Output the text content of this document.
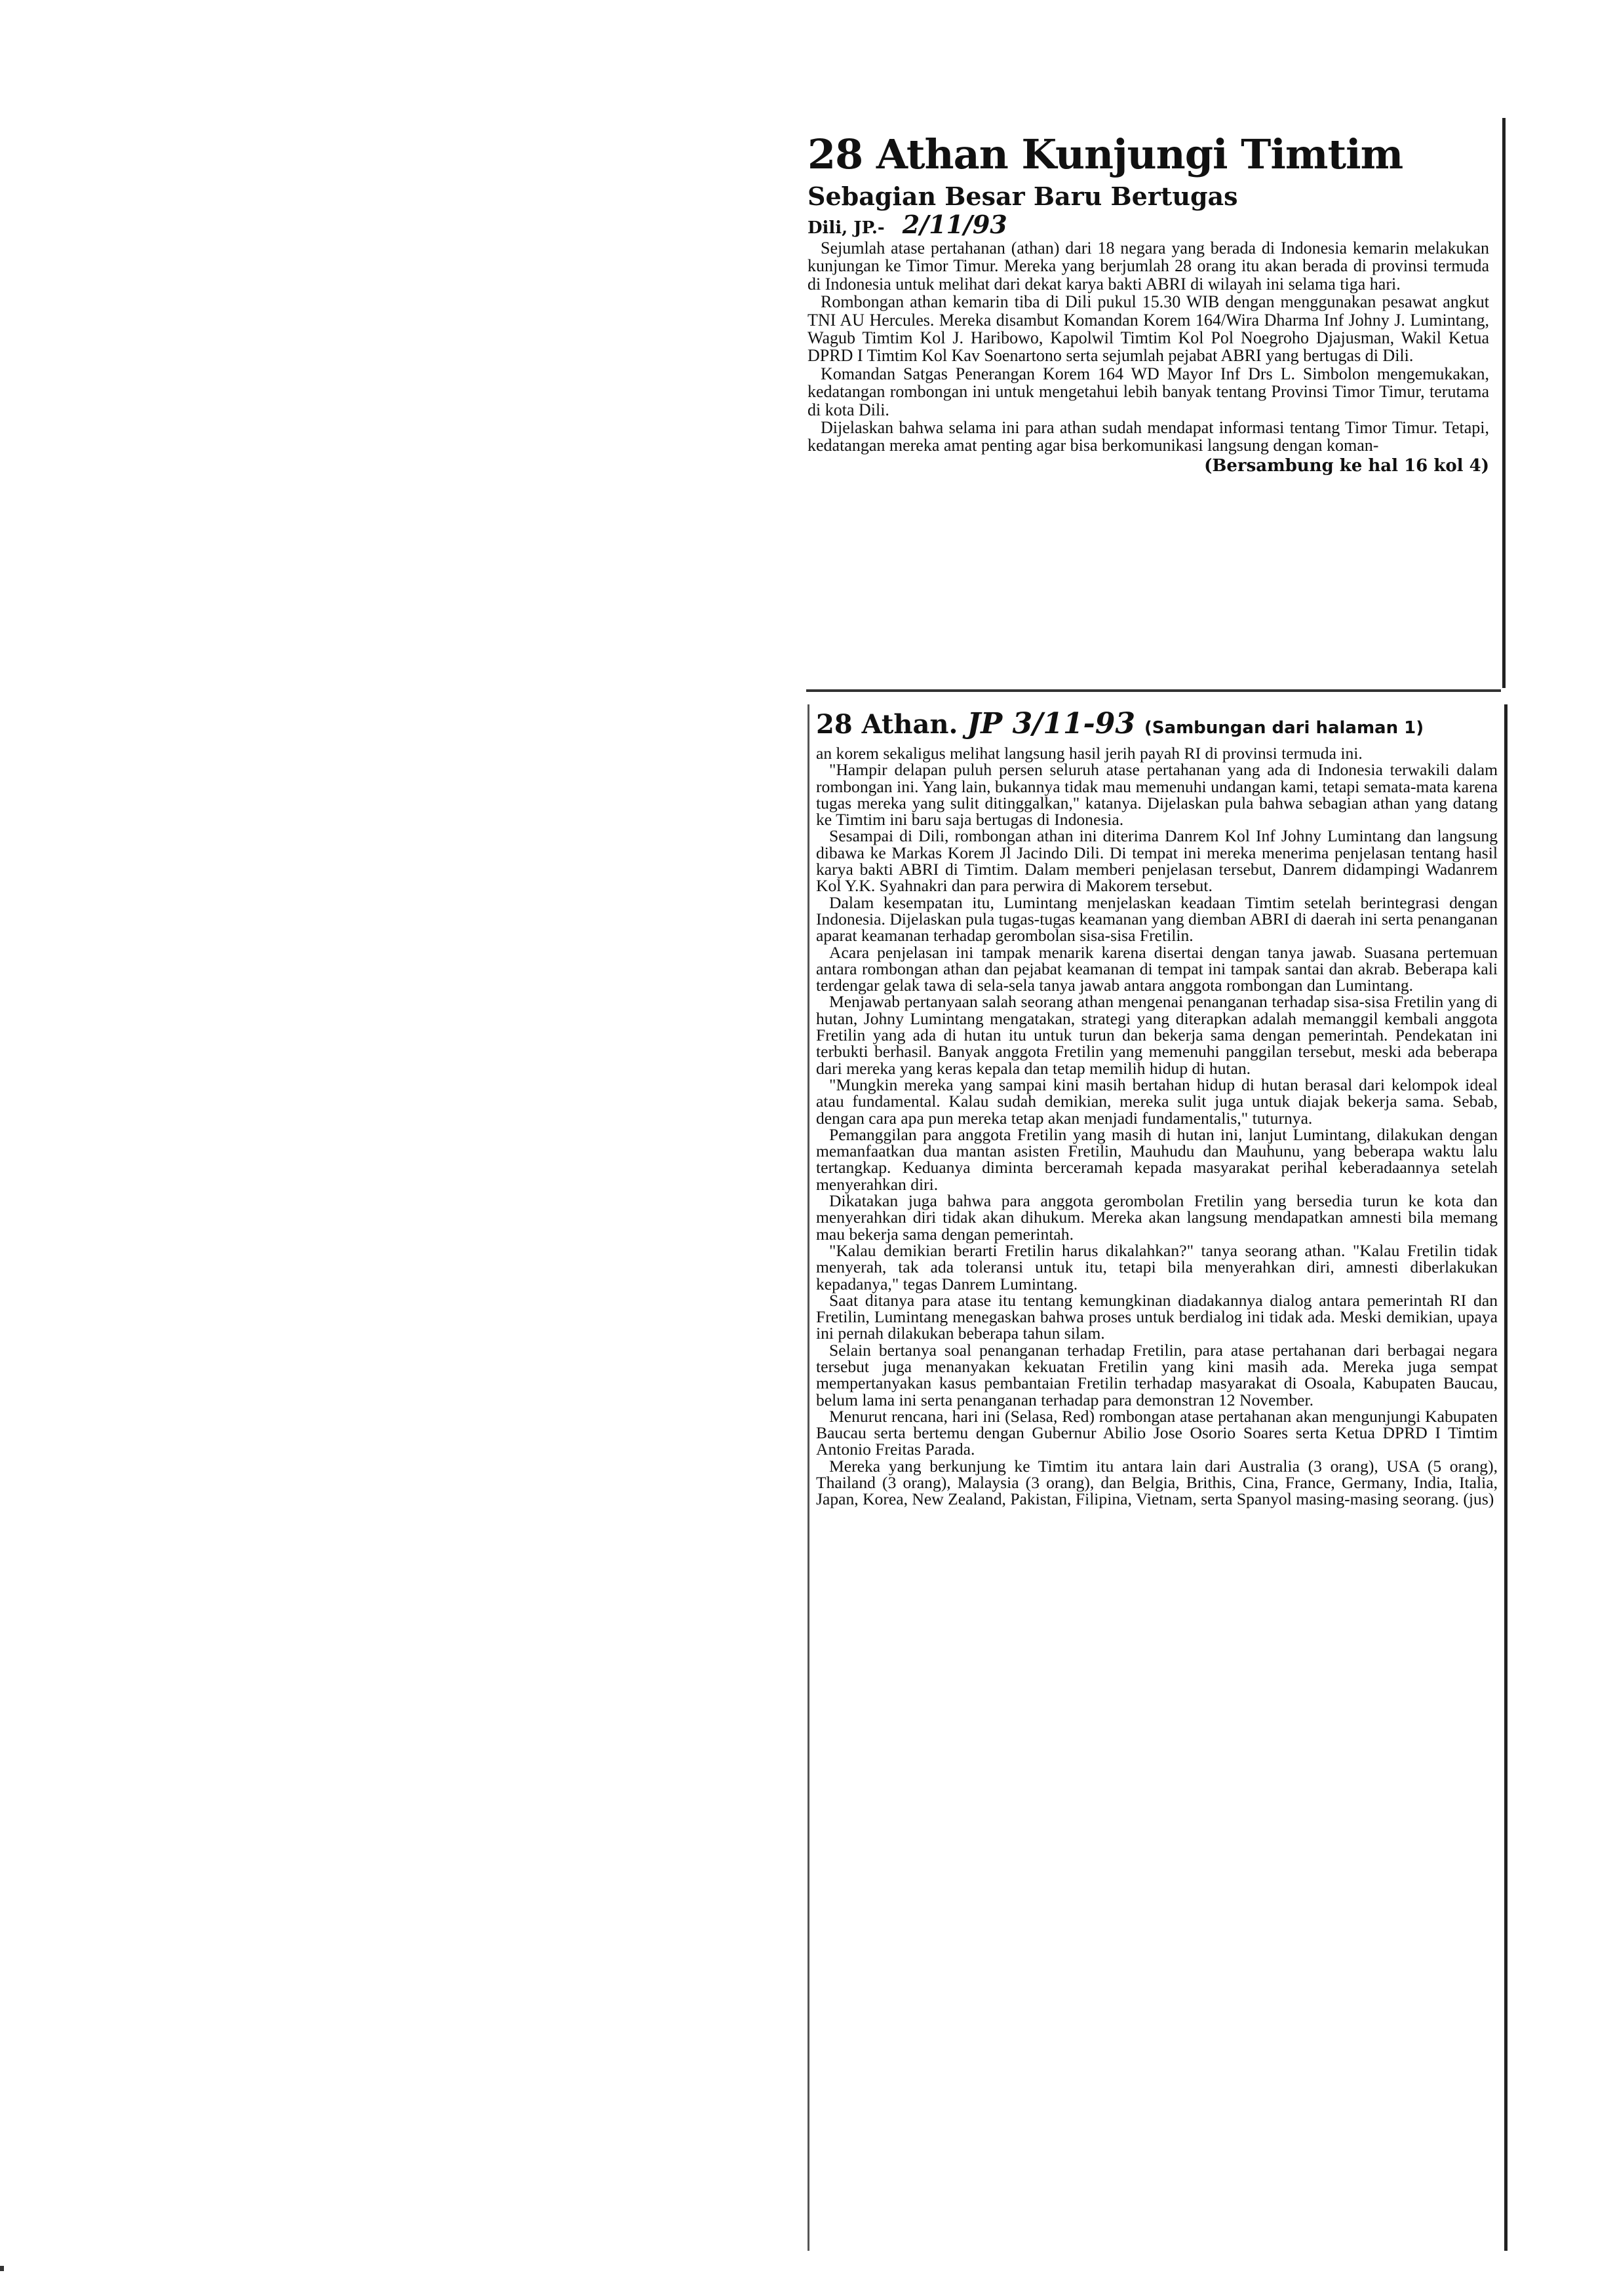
28 Athan Kunjungi Timtim
Sebagian Besar Baru Bertugas
Dili, JP.- 2/11/93

Sejumlah atase pertahanan (athan) dari 18 negara yang berada di Indonesia kemarin melakukan kunjungan ke Timor Timur. Mereka yang berjumlah 28 orang itu akan berada di provinsi termuda di Indonesia untuk melihat dari dekat karya bakti ABRI di wilayah ini selama tiga hari.

Rombongan athan kemarin tiba di Dili pukul 15.30 WIB dengan menggunakan pesawat angkut TNI AU Hercules. Mereka disambut Komandan Korem 164/Wira Dharma Inf Johny J. Lumintang, Wagub Timtim Kol J. Haribowo, Kapolwil Timtim Kol Pol Noegroho Djajusman, Wakil Ketua DPRD I Timtim Kol Kav Soenartono serta sejumlah pejabat ABRI yang bertugas di Dili.

Komandan Satgas Penerangan Korem 164 WD Mayor Inf Drs L. Simbolon mengemukakan, kedatangan rombongan ini untuk mengetahui lebih banyak tentang Provinsi Timor Timur, terutama di kota Dili.

Dijelaskan bahwa selama ini para athan sudah mendapat informasi tentang Timor Timur. Tetapi, kedatangan mereka amat penting agar bisa berkomunikasi langsung dengan koman-

(Bersambung ke hal 16 kol 4)
28 Athan. JP 3/11-93 (Sambungan dari halaman 1)

an korem sekaligus melihat langsung hasil jerih payah RI di provinsi termuda ini.

"Hampir delapan puluh persen seluruh atase pertahanan yang ada di Indonesia terwakili dalam rombongan ini. Yang lain, bukannya tidak mau memenuhi undangan kami, tetapi semata-mata karena tugas mereka yang sulit ditinggalkan," katanya. Dijelaskan pula bahwa sebagian athan yang datang ke Timtim ini baru saja bertugas di Indonesia.

Sesampai di Dili, rombongan athan ini diterima Danrem Kol Inf Johny Lumintang dan langsung dibawa ke Markas Korem Jl Jacindo Dili. Di tempat ini mereka menerima penjelasan tentang hasil karya bakti ABRI di Timtim. Dalam memberi penjelasan tersebut, Danrem didampingi Wadanrem Kol Y.K. Syahnakri dan para perwira di Makorem tersebut.

Dalam kesempatan itu, Lumintang menjelaskan keadaan Timtim setelah berintegrasi dengan Indonesia. Dijelaskan pula tugas-tugas keamanan yang diemban ABRI di daerah ini serta penanganan aparat keamanan terhadap gerombolan sisa-sisa Fretilin.

Acara penjelasan ini tampak menarik karena disertai dengan tanya jawab. Suasana pertemuan antara rombongan athan dan pejabat keamanan di tempat ini tampak santai dan akrab. Beberapa kali terdengar gelak tawa di sela-sela tanya jawab antara anggota rombongan dan Lumintang.

Menjawab pertanyaan salah seorang athan mengenai penanganan terhadap sisa-sisa Fretilin yang di hutan, Johny Lumintang mengatakan, strategi yang diterapkan adalah memanggil kembali anggota Fretilin yang ada di hutan itu untuk turun dan bekerja sama dengan pemerintah. Pendekatan ini terbukti berhasil. Banyak anggota Fretilin yang memenuhi panggilan tersebut, meski ada beberapa dari mereka yang keras kepala dan tetap memilih hidup di hutan.

"Mungkin mereka yang sampai kini masih bertahan hidup di hutan berasal dari kelompok ideal atau fundamental. Kalau sudah demikian, mereka sulit juga untuk diajak bekerja sama. Sebab, dengan cara apa pun mereka tetap akan menjadi fundamentalis," tuturnya.

Pemanggilan para anggota Fretilin yang masih di hutan ini, lanjut Lumintang, dilakukan dengan memanfaatkan dua mantan asisten Fretilin, Mauhudu dan Mauhunu, yang beberapa waktu lalu tertangkap. Keduanya diminta berceramah kepada masyarakat perihal keberadaannya setelah menyerahkan diri.

Dikatakan juga bahwa para anggota gerombolan Fretilin yang bersedia turun ke kota dan menyerahkan diri tidak akan dihukum. Mereka akan langsung mendapatkan amnesti bila memang mau bekerja sama dengan pemerintah.

"Kalau demikian berarti Fretilin harus dikalahkan?" tanya seorang athan. "Kalau Fretilin tidak menyerah, tak ada toleransi untuk itu, tetapi bila menyerahkan diri, amnesti diberlakukan kepadanya," tegas Danrem Lumintang.

Saat ditanya para atase itu tentang kemungkinan diadakannya dialog antara pemerintah RI dan Fretilin, Lumintang menegaskan bahwa proses untuk berdialog ini tidak ada. Meski demikian, upaya ini pernah dilakukan beberapa tahun silam.

Selain bertanya soal penanganan terhadap Fretilin, para atase pertahanan dari berbagai negara tersebut juga menanyakan kekuatan Fretilin yang kini masih ada. Mereka juga sempat mempertanyakan kasus pembantaian Fretilin terhadap masyarakat di Osoala, Kabupaten Baucau, belum lama ini serta penanganan terhadap para demonstran 12 November.

Menurut rencana, hari ini (Selasa, Red) rombongan atase pertahanan akan mengunjungi Kabupaten Baucau serta bertemu dengan Gubernur Abilio Jose Osorio Soares serta Ketua DPRD I Timtim Antonio Freitas Parada.

Mereka yang berkunjung ke Timtim itu antara lain dari Australia (3 orang), USA (5 orang), Thailand (3 orang), Malaysia (3 orang), dan Belgia, Brithis, Cina, France, Germany, India, Italia, Japan, Korea, New Zealand, Pakistan, Filipina, Vietnam, serta Spanyol masing-masing seorang. (jus)
